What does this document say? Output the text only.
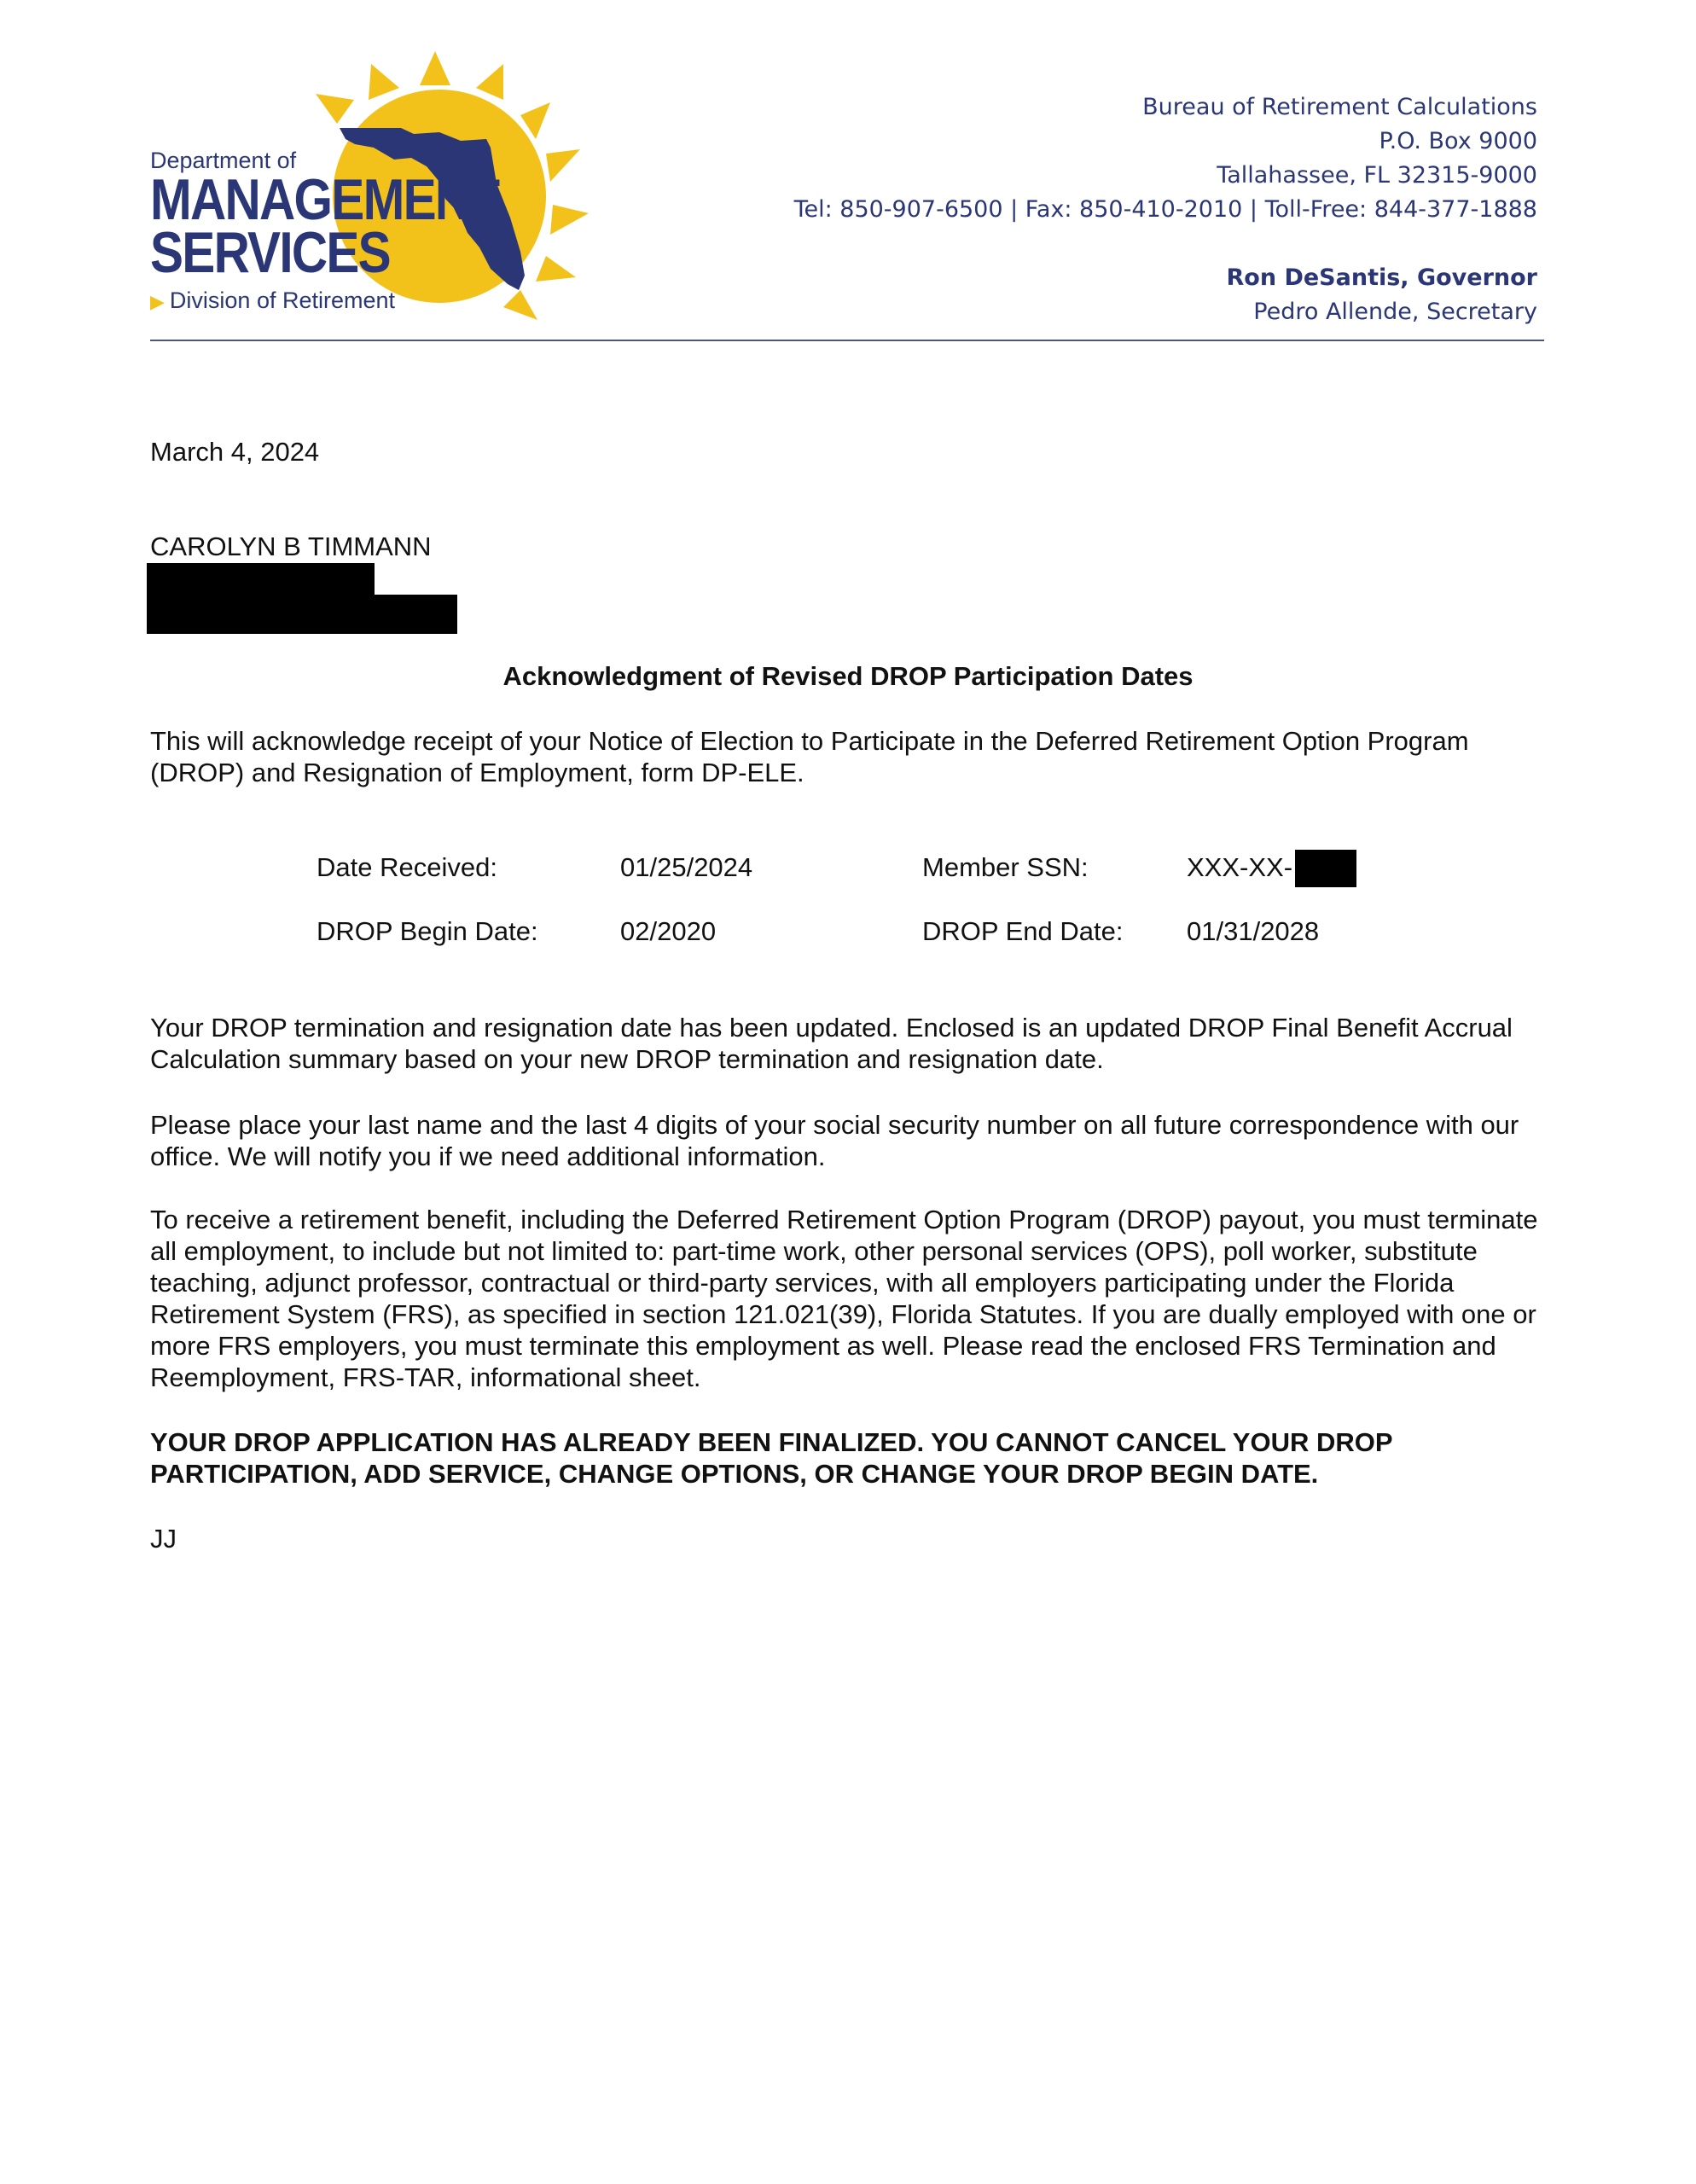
Department of
MANAGEMENT
SERVICES
▶ Division of Retirement
Bureau of Retirement Calculations
P.O. Box 9000
Tallahassee, FL 32315-9000
Tel: 850-907-6500 | Fax: 850-410-2010 | Toll-Free: 844-377-1888
Ron DeSantis, Governor
Pedro Allende, Secretary
March 4, 2024
CAROLYN B TIMMANN
Acknowledgment of Revised DROP Participation Dates
This will acknowledge receipt of your Notice of Election to Participate in the Deferred Retirement Option Program (DROP) and Resignation of Employment, form DP-ELE.
Date Received:	01/25/2024	Member SSN:	XXX-XX-
DROP Begin Date:	02/2020	DROP End Date: 01/31/2028
Your DROP termination and resignation date has been updated. Enclosed is an updated DROP Final Benefit Accrual Calculation summary based on your new DROP termination and resignation date.
Please place your last name and the last 4 digits of your social security number on all future correspondence with our office. We will notify you if we need additional information.
To receive a retirement benefit, including the Deferred Retirement Option Program (DROP) payout, you must terminate all employment, to include but not limited to: part-time work, other personal services (OPS), poll worker, substitute teaching, adjunct professor, contractual or third-party services, with all employers participating under the Florida Retirement System (FRS), as specified in section 121.021(39), Florida Statutes. If you are dually employed with one or more FRS employers, you must terminate this employment as well. Please read the enclosed FRS Termination and Reemployment, FRS-TAR, informational sheet.
YOUR DROP APPLICATION HAS ALREADY BEEN FINALIZED. YOU CANNOT CANCEL YOUR DROP PARTICIPATION, ADD SERVICE, CHANGE OPTIONS, OR CHANGE YOUR DROP BEGIN DATE.
JJ
